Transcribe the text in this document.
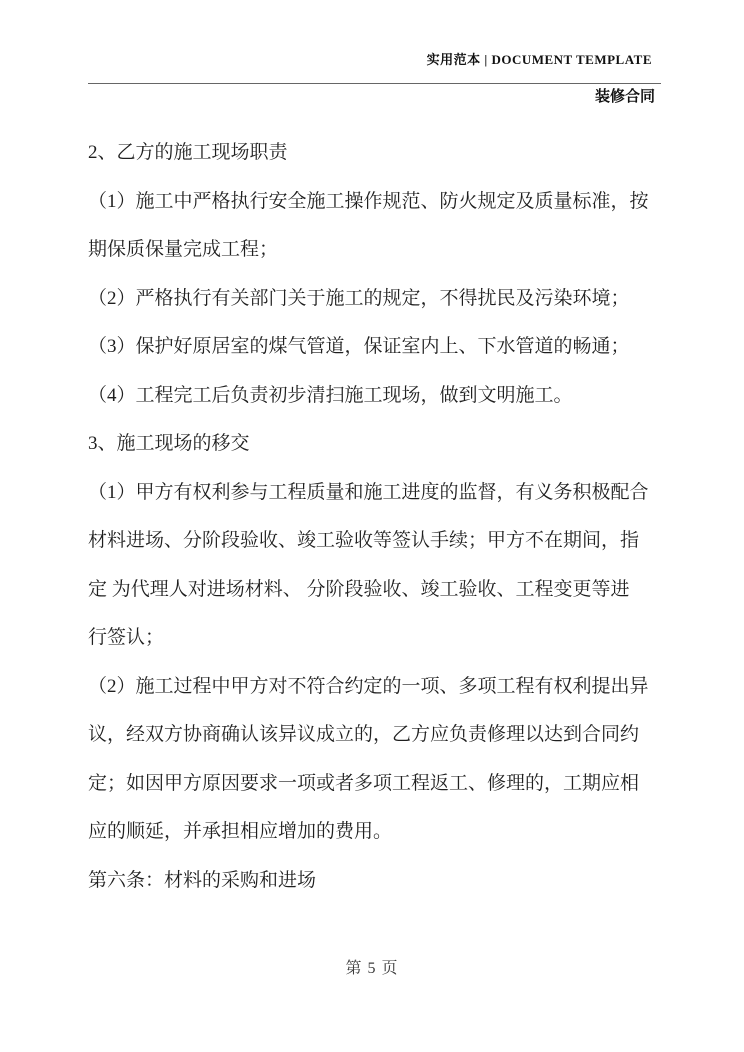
实用范本 | DOCUMENT TEMPLATE
装修合同
2、乙方的施工现场职责
（1）施工中严格执行安全施工操作规范、防火规定及质量标准，按
期保质保量完成工程；
（2）严格执行有关部门关于施工的规定，不得扰民及污染环境；
（3）保护好原居室的煤气管道，保证室内上、下水管道的畅通；
（4）工程完工后负责初步清扫施工现场，做到文明施工。
3、施工现场的移交
（1）甲方有权利参与工程质量和施工进度的监督，有义务积极配合
材料进场、分阶段验收、竣工验收等签认手续；甲方不在期间，指
定 为代理人对进场材料、 分阶段验收、竣工验收、工程变更等进
行签认；
（2）施工过程中甲方对不符合约定的一项、多项工程有权利提出异
议，经双方协商确认该异议成立的，乙方应负责修理以达到合同约
定；如因甲方原因要求一项或者多项工程返工、修理的，工期应相
应的顺延，并承担相应增加的费用。
第六条：材料的采购和进场
第 5 页
